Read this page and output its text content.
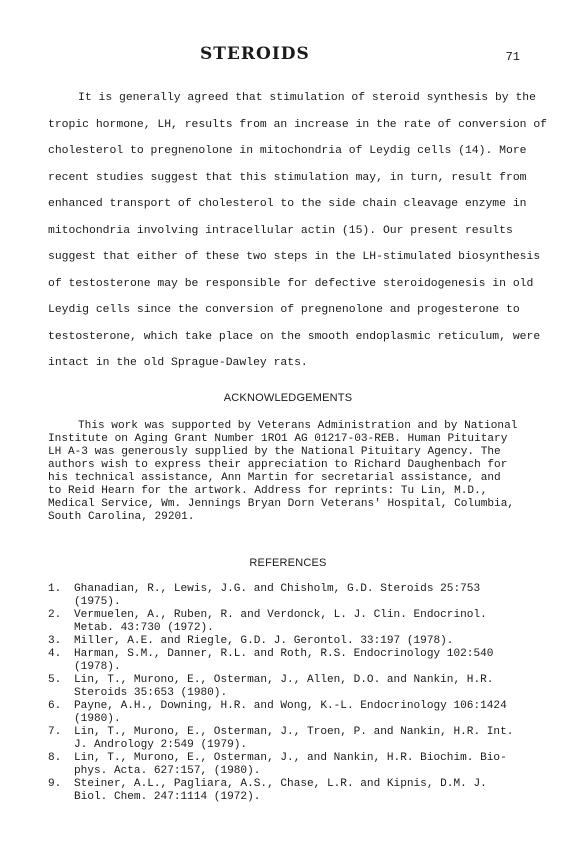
STEROIDS	71
It is generally agreed that stimulation of steroid synthesis by the
tropic hormone, LH, results from an increase in the rate of conversion of
cholesterol to pregnenolone in mitochondria of Leydig cells (14). More
recent studies suggest that this stimulation may, in turn, result from
enhanced transport of cholesterol to the side chain cleavage enzyme in
mitochondria involving intracellular actin (15). Our present results
suggest that either of these two steps in the LH-stimulated biosynthesis
of testosterone may be responsible for defective steroidogenesis in old
Leydig cells since the conversion of pregnenolone and progesterone to
testosterone, which take place on the smooth endoplasmic reticulum, were
intact in the old Sprague-Dawley rats.
ACKNOWLEDGEMENTS
This work was supported by Veterans Administration and by National
Institute on Aging Grant Number 1RO1 AG 01217-03-REB. Human Pituitary
LH A-3 was generously supplied by the National Pituitary Agency. The
authors wish to express their appreciation to Richard Daughenbach for
his technical assistance, Ann Martin for secretarial assistance, and
to Reid Hearn for the artwork. Address for reprints: Tu Lin, M.D.,
Medical Service, Wm. Jennings Bryan Dorn Veterans' Hospital, Columbia,
South Carolina, 29201.
REFERENCES
1.	Ghanadian, R., Lewis, J.G. and Chisholm, G.D. Steroids 25:753
(1975).
2.	Vermuelen, A., Ruben, R. and Verdonck, L. J. Clin. Endocrinol.
Metab. 43:730 (1972).
3.	Miller, A.E. and Riegle, G.D. J. Gerontol. 33:197 (1978).
4.	Harman, S.M., Danner, R.L. and Roth, R.S. Endocrinology 102:540
(1978).
5.	Lin, T., Murono, E., Osterman, J., Allen, D.O. and Nankin, H.R.
Steroids 35:653 (1980).
6.	Payne, A.H., Downing, H.R. and Wong, K.-L. Endocrinology 106:1424
(1980).
7.	Lin, T., Murono, E., Osterman, J., Troen, P. and Nankin, H.R. Int.
J. Andrology 2:549 (1979).
8.	Lin, T., Murono, E., Osterman, J., and Nankin, H.R. Biochim. Bio-
phys. Acta. 627:157, (1980).
9.	Steiner, A.L., Pagliara, A.S., Chase, L.R. and Kipnis, D.M. J.
Biol. Chem. 247:1114 (1972).
